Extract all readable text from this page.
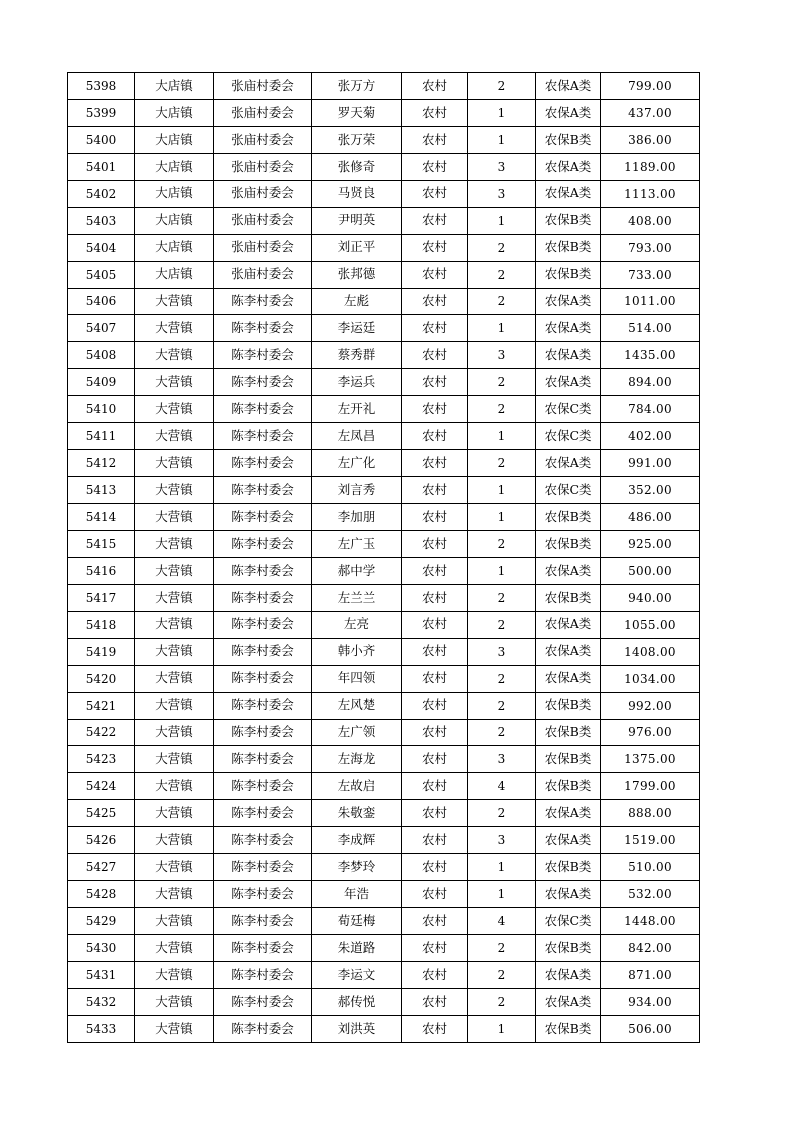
5398	大店镇	张庙村委会	张万方	农村	2	农保A类	799.00
5399	大店镇	张庙村委会	罗天菊	农村	1	农保A类	437.00
5400	大店镇	张庙村委会	张万荣	农村	1	农保B类	386.00
5401	大店镇	张庙村委会	张修奇	农村	3	农保A类	1189.00
5402	大店镇	张庙村委会	马贤良	农村	3	农保A类	1113.00
5403	大店镇	张庙村委会	尹明英	农村	1	农保B类	408.00
5404	大店镇	张庙村委会	刘正平	农村	2	农保B类	793.00
5405	大店镇	张庙村委会	张邦德	农村	2	农保B类	733.00
5406	大营镇	陈李村委会	左彪	农村	2	农保A类	1011.00
5407	大营镇	陈李村委会	李运廷	农村	1	农保A类	514.00
5408	大营镇	陈李村委会	蔡秀群	农村	3	农保A类	1435.00
5409	大营镇	陈李村委会	李运兵	农村	2	农保A类	894.00
5410	大营镇	陈李村委会	左开礼	农村	2	农保C类	784.00
5411	大营镇	陈李村委会	左凤昌	农村	1	农保C类	402.00
5412	大营镇	陈李村委会	左广化	农村	2	农保A类	991.00
5413	大营镇	陈李村委会	刘言秀	农村	1	农保C类	352.00
5414	大营镇	陈李村委会	李加朋	农村	1	农保B类	486.00
5415	大营镇	陈李村委会	左广玉	农村	2	农保B类	925.00
5416	大营镇	陈李村委会	郝中学	农村	1	农保A类	500.00
5417	大营镇	陈李村委会	左兰兰	农村	2	农保B类	940.00
5418	大营镇	陈李村委会	左亮	农村	2	农保A类	1055.00
5419	大营镇	陈李村委会	韩小齐	农村	3	农保A类	1408.00
5420	大营镇	陈李村委会	年四领	农村	2	农保A类	1034.00
5421	大营镇	陈李村委会	左风楚	农村	2	农保B类	992.00
5422	大营镇	陈李村委会	左广领	农村	2	农保B类	976.00
5423	大营镇	陈李村委会	左海龙	农村	3	农保B类	1375.00
5424	大营镇	陈李村委会	左故启	农村	4	农保B类	1799.00
5425	大营镇	陈李村委会	朱敬銮	农村	2	农保A类	888.00
5426	大营镇	陈李村委会	李成辉	农村	3	农保A类	1519.00
5427	大营镇	陈李村委会	李梦玲	农村	1	农保B类	510.00
5428	大营镇	陈李村委会	年浩	农村	1	农保A类	532.00
5429	大营镇	陈李村委会	荀廷梅	农村	4	农保C类	1448.00
5430	大营镇	陈李村委会	朱道路	农村	2	农保B类	842.00
5431	大营镇	陈李村委会	李运文	农村	2	农保A类	871.00
5432	大营镇	陈李村委会	郝传悦	农村	2	农保A类	934.00
5433	大营镇	陈李村委会	刘洪英	农村	1	农保B类	506.00
